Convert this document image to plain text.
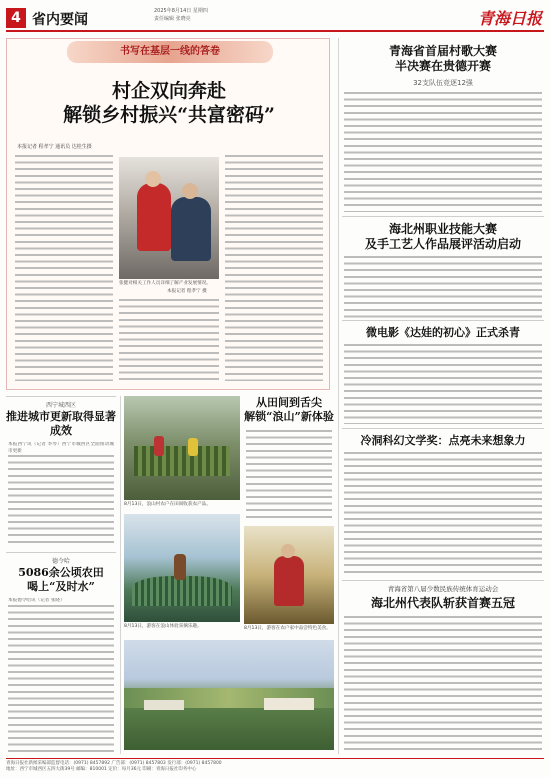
4 省内要闻
2025年8月14日 星期四
责任编辑 张晓亮	青海日报
书写在基层一线的答卷
村企双向奔赴
解锁乡村振兴“共富密码”
本报记者 程孝宁 通讯员 达桂生摄
张健对相关工作人员详细了解产业发展情况。
本报记者 程孝宁 摄
西宁城西区
推进城市更新取得显著成效
本报西宁讯（记者 李琴）西宁市城西区全面推动城市更新
德令哈
5086余公顷农田
喝上“及时水”
本报德令哈讯（记者 张晓）
8月13日，浪山村农户在田间收获农产品。
8月13日，游客在浪山体验采摘乐趣。
从田间到舌尖
解锁“浪山”新体验
8月13日，游客在农户家中品尝特色美食。
青海省首届村歌大赛
半决赛在贵德开赛
32支队伍竞逐12强
海北州职业技能大赛
及手工艺人作品展评活动启动
微电影《达娃的初心》正式杀青
冷洞科幻文学奖：点亮未来想象力
青海省第八届少数民族传统体育运动会
海北州代表队斩获首赛五冠
青海日报社新闻采编部监督电话：(0971) 8457892 广告部：(0971) 8457803 发行部：(0971) 8457800
地址：西宁市城西区五四大街39号 邮编：810001 定价：每月36元 印刷：青海日报社印务中心
